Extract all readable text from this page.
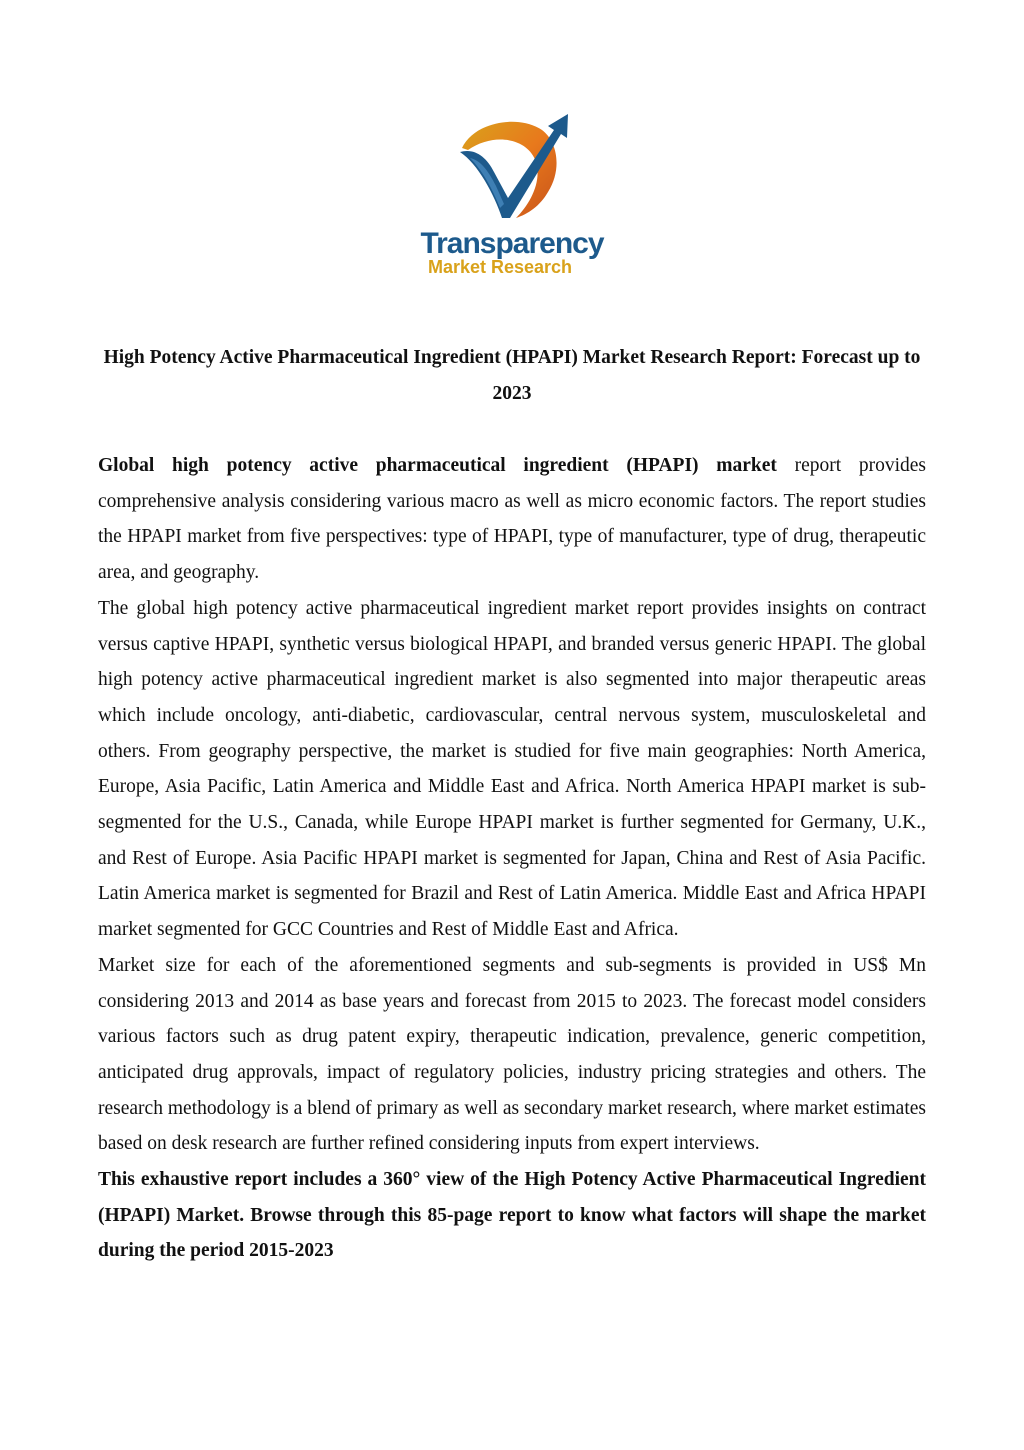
Transparency
Market Research
High Potency Active Pharmaceutical Ingredient (HPAPI) Market Research Report: Forecast up to 2023

Global high potency active pharmaceutical ingredient (HPAPI) market report provides comprehensive analysis considering various macro as well as micro economic factors. The report studies the HPAPI market from five perspectives: type of HPAPI, type of manufacturer, type of drug, therapeutic area, and geography.

The global high potency active pharmaceutical ingredient market report provides insights on contract versus captive HPAPI, synthetic versus biological HPAPI, and branded versus generic HPAPI. The global high potency active pharmaceutical ingredient market is also segmented into major therapeutic areas which include oncology, anti-diabetic, cardiovascular, central nervous system, musculoskeletal and others. From geography perspective, the market is studied for five main geographies: North America, Europe, Asia Pacific, Latin America and Middle East and Africa. North America HPAPI market is sub-segmented for the U.S., Canada, while Europe HPAPI market is further segmented for Germany, U.K., and Rest of Europe. Asia Pacific HPAPI market is segmented for Japan, China and Rest of Asia Pacific. Latin America market is segmented for Brazil and Rest of Latin America. Middle East and Africa HPAPI market segmented for GCC Countries and Rest of Middle East and Africa.

Market size for each of the aforementioned segments and sub-segments is provided in US$ Mn considering 2013 and 2014 as base years and forecast from 2015 to 2023. The forecast model considers various factors such as drug patent expiry, therapeutic indication, prevalence, generic competition, anticipated drug approvals, impact of regulatory policies, industry pricing strategies and others. The research methodology is a blend of primary as well as secondary market research, where market estimates based on desk research are further refined considering inputs from expert interviews.

This exhaustive report includes a 360° view of the High Potency Active Pharmaceutical Ingredient (HPAPI) Market. Browse through this 85-page report to know what factors will shape the market during the period 2015-2023
